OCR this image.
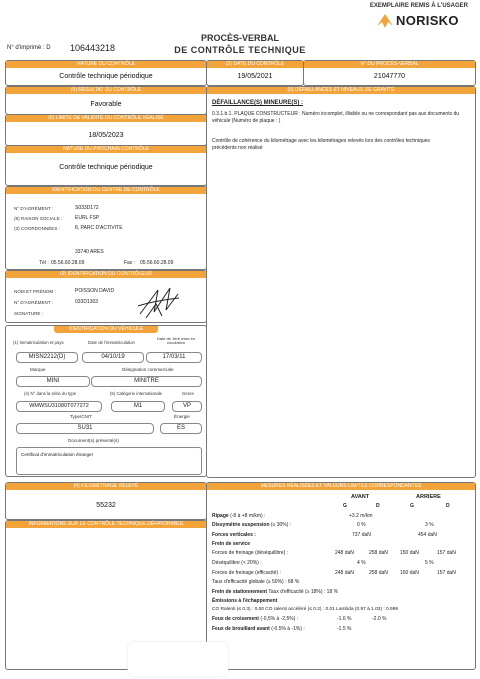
EXEMPLAIRE REMIS À L'USAGER
NORISKO
PROCÈS-VERBAL
DE CONTRÔLE TECHNIQUE
N° d'imprimé : D 106443218
NATURE DU CONTRÔLE
Contrôle technique périodique
(2) DATE DU CONTRÔLE
19/05/2021
N° DU PROCÈS-VERBAL
21047770
(5) RÉSULTAT DU CONTRÔLE
Favorable
(6) LIMITE DE VALIDITÉ DU CONTRÔLE RÉALISÉ
18/05/2023
NATURE DU PROCHAIN CONTRÔLE
Contrôle technique périodique
(6) DÉFAILLANCES ET NIVEAUX DE GRAVITÉ
DÉFAILLANCE(S) MINEURE(S) :
0.3.1.b.1. PLAQUE CONSTRUCTEUR : Numéro incomplet, illisible ou ne correspondant pas aux documents du véhicule (Numéro de plaque : )
Contrôle de cohérence du kilométrage avec les kilométrages relevés lors des contrôles techniques précédents non réalisé
IDENTIFICATION DU CENTRE DE CONTRÔLE
N° D'AGRÉMENT :	S033D172
(9) RAISON SOCIALE :	EURL FSP
(3) COORDONNÉES :	8, PARC D'ACTIVITE
33740 ARES
Tél : 05.56.60.28.09	Fax : 05.56.60.28.09
(9) IDENTIFICATION DU CONTRÔLEUR
NOM ET PRÉNOM :	POISSON DAVID
N° D'AGRÉMENT :	033D1303
SIGNATURE :
IDENTIFICATION DU VÉHICULE
(1) Immatriculation et pays	Date de l'immatriculation
Date de 1ère mise en circulation
MISN2212(D)	04/10/19	17/03/11
Marque	Désignation commerciale
MINI	MINITRE
(4) N° dans la série du type	(5) Catégorie internationale	Genre
WMWSU31080T077272	M1	VP
Type/CNIT	Énergie
SU31	ES
Document(s) présenté(s)
Certificat d'immatriculation étranger
(4) KILOMÉTRAGE RELEVÉ
55232
INFORMATIONS SUR LE CONTRÔLE TECHNIQUE DÉFAVORABLE
MESURES RÉALISÉES ET VALEURS LIMITES CORRESPONDANTES
AVANT	ARRIERE
G	D	G	D
Ripage (-8 à +8 m/km) :	+3.2 m/km
Dissymétrie suspension (≤ 30%) :	0 %	3 %
Forces verticales :	737 daN	454 daN
Frein de service
Forces de freinage (déséquilibre) :	248 daN	258 daN 150 daN	157 daN
Déséquilibre (< 20%) :	4 %	5 %
Forces de freinage (efficacité) :	248 daN	258 daN 150 daN	157 daN
Taux d'efficacité globale (≥ 50%) : 68 %
Frein de stationnement Taux d'efficacité (≥ 18%) : 18 %
Émissions à l'échappement
CO Ralenti (≤ 0.3) : 0.00 CO ralenti accéléré (≤ 0.2) : 0.01 Lambda (0.97 à 1.03) : 0.999
Feux de croisement (-0,5% à -2,5%) :	-1.6 %	-2.0 %
Feux de brouillard avant (-0.5% à -1%) :	-1.5 %
